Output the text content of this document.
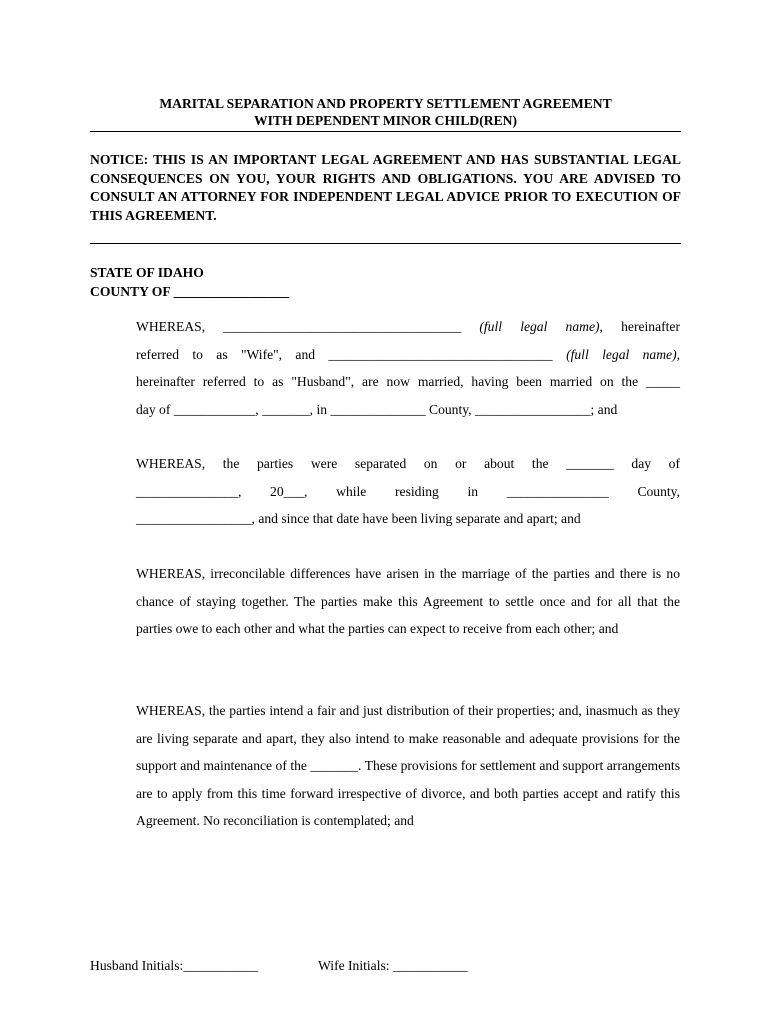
MARITAL SEPARATION AND PROPERTY SETTLEMENT AGREEMENT
WITH DEPENDENT MINOR CHILD(REN)
NOTICE: THIS IS AN IMPORTANT LEGAL AGREEMENT AND HAS SUBSTANTIAL LEGAL CONSEQUENCES ON YOU, YOUR RIGHTS AND OBLIGATIONS. YOU ARE ADVISED TO CONSULT AN ATTORNEY FOR INDEPENDENT LEGAL ADVICE PRIOR TO EXECUTION OF THIS AGREEMENT.
STATE OF IDAHO
COUNTY OF _________________
WHEREAS, ___________________________________ (full legal name), hereinafter
referred to as "Wife", and _________________________________ (full legal name),
hereinafter referred to as "Husband", are now married, having been married on the _____
day of ____________, _______, in ______________ County, _________________; and
WHEREAS, the parties were separated on or about the _______ day of
_______________, 20___, while residing in _______________ County,
_________________, and since that date have been living separate and apart; and
WHEREAS, irreconcilable differences have arisen in the marriage of the parties and there is no chance of staying together. The parties make this Agreement to settle once and for all that the parties owe to each other and what the parties can expect to receive from each other; and
WHEREAS, the parties intend a fair and just distribution of their properties; and, inasmuch as they are living separate and apart, they also intend to make reasonable and adequate provisions for the support and maintenance of the _______. These provisions for settlement and support arrangements are to apply from this time forward irrespective of divorce, and both parties accept and ratify this Agreement. No reconciliation is contemplated; and
Husband Initials:___________	Wife Initials: ___________
